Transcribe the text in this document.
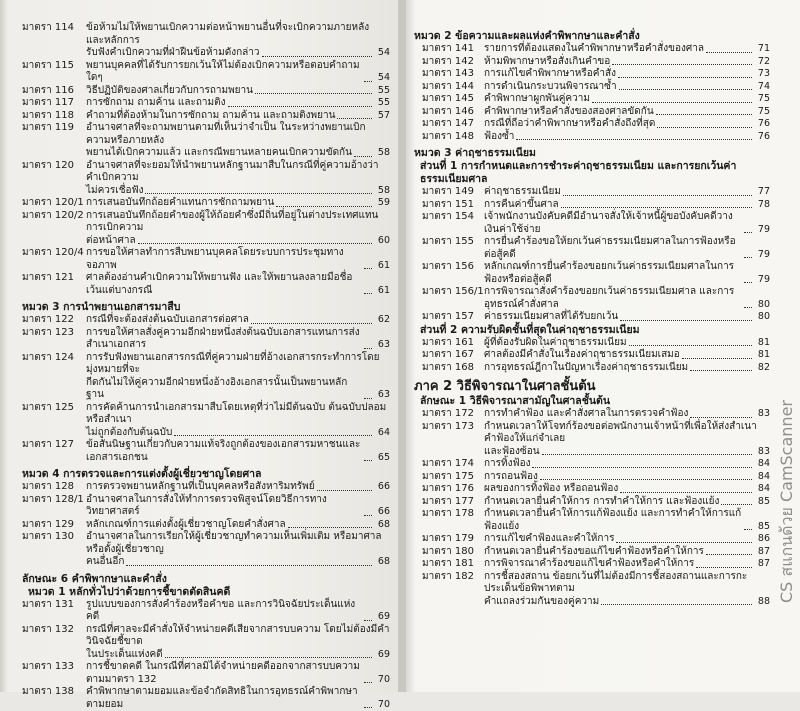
มาตรา 114	ข้อห้ามไม่ให้พยานเบิกความต่อหน้าพยานอื่นที่จะเบิกความภายหลัง และหลักการ
รับฟังคำเบิกความที่ฝ่าฝืนข้อห้ามดังกล่าว	54
มาตรา 115	พยานบุคคลที่ได้รับการยกเว้นให้ไม่ต้องเบิกความหรือตอบคำถามใดๆ	54
มาตรา 116	วิธีปฏิบัติของศาลเกี่ยวกับการถามพยาน	55
มาตรา 117	การซักถาม ถามค้าน และถามติง	55
มาตรา 118	คำถามที่ต้องห้ามในการซักถาม ถามค้าน และถามติงพยาน	57
มาตรา 119	อำนาจศาลที่จะถามพยานตามที่เห็นว่าจำเป็น ในระหว่างพยานเบิกความหรือภายหลัง
พยานได้เบิกความแล้ว และกรณีพยานหลายคนเบิกความขัดกัน	58
มาตรา 120	อำนาจศาลที่จะยอมให้นำพยานหลักฐานมาสืบในกรณีที่คู่ความอ้างว่าคำเบิกความ
ไม่ควรเชื่อฟัง	58
มาตรา 120/1 การเสนอบันทึกถ้อยคำแทนการซักถามพยาน	59
มาตรา 120/2 การเสนอบันทึกถ้อยคำของผู้ให้ถ้อยคำซึ่งมีถิ่นที่อยู่ในต่างประเทศแทนการเบิกความ
ต่อหน้าศาล	60
มาตรา 120/4 การขอให้ศาลทำการสืบพยานบุคคลโดยระบบการประชุมทางจอภาพ	61
มาตรา 121	ศาลต้องอ่านคำเบิกความให้พยานฟัง และให้พยานลงลายมือชื่อ เว้นแต่บางกรณี	61
หมวด 3 การนำพยานเอกสารมาสืบ
มาตรา 122	กรณีที่จะต้องส่งต้นฉบับเอกสารต่อศาล	62
มาตรา 123	การขอให้ศาลสั่งคู่ความอีกฝ่ายหนึ่งส่งต้นฉบับเอกสารแทนการส่งสำเนาเอกสาร	63
มาตรา 124	การรับฟังพยานเอกสารกรณีที่คู่ความฝ่ายที่อ้างเอกสารกระทำการโดยมุ่งหมายที่จะ
กีดกันไม่ให้คู่ความอีกฝ่ายหนึ่งอ้างอิงเอกสารนั้นเป็นพยานหลักฐาน	63
มาตรา 125	การคัดค้านการนำเอกสารมาสืบโดยเหตุที่ว่าไม่มีต้นฉบับ ต้นฉบับปลอม หรือสำเนา
ไม่ถูกต้องกับต้นฉบับ	64
มาตรา 127	ข้อสันนิษฐานเกี่ยวกับความแท้จริงถูกต้องของเอกสารมหาชนและเอกสารเอกชน	65
หมวด 4 การตรวจและการแต่งตั้งผู้เชี่ยวชาญโดยศาล
มาตรา 128	การตรวจพยานหลักฐานที่เป็นบุคคลหรือสังหาริมทรัพย์	66
มาตรา 128/1 อำนาจศาลในการสั่งให้ทำการตรวจพิสูจน์โดยวิธีการทางวิทยาศาสตร์	66
มาตรา 129	หลักเกณฑ์การแต่งตั้งผู้เชี่ยวชาญโดยคำสั่งศาล	68
มาตรา 130	อำนาจศาลในการเรียกให้ผู้เชี่ยวชาญทำความเห็นเพิ่มเติม หรือมาศาล หรือตั้งผู้เชี่ยวชาญ
คนอื่นอีก	68
ลักษณะ 6 คำพิพากษาและคำสั่ง
หมวด 1 หลักทั่วไปว่าด้วยการชี้ขาดตัดสินคดี
มาตรา 131	รูปแบบของการสั่งคำร้องหรือคำขอ และการวินิจฉัยประเด็นแห่งคดี	69
มาตรา 132	กรณีที่ศาลจะมีคำสั่งให้จำหน่ายคดีเสียจากสารบบความ โดยไม่ต้องมีคำวินิจฉัยชี้ขาด
ในประเด็นแห่งคดี	69
มาตรา 133	การชี้ขาดคดี ในกรณีที่ศาลมิได้จำหน่ายคดีออกจากสารบบความตามมาตรา 132	70
มาตรา 138	คำพิพากษาตามยอมและข้อจำกัดสิทธิในการอุทธรณ์คำพิพากษาตามยอม	70
หมวด 2 ข้อความและผลแห่งคำพิพากษาและคำสั่ง
มาตรา 141	รายการที่ต้องแสดงในคำพิพากษาหรือคำสั่งของศาล	71
มาตรา 142	ห้ามพิพากษาหรือสั่งเกินคำขอ	72
มาตรา 143	การแก้ไขคำพิพากษาหรือคำสั่ง	73
มาตรา 144	การดำเนินกระบวนพิจารณาซ้ำ	74
มาตรา 145	คำพิพากษาผูกพันคู่ความ	75
มาตรา 146	คำพิพากษาหรือคำสั่งของสองศาลขัดกัน	75
มาตรา 147	กรณีที่ถือว่าคำพิพากษาหรือคำสั่งถึงที่สุด	76
มาตรา 148	ฟ้องซ้ำ	76
หมวด 3 ค่าฤชาธรรมเนียม
ส่วนที่ 1 การกำหนดและการชำระค่าฤชาธรรมเนียม และการยกเว้นค่าธรรมเนียมศาล
มาตรา 149	ค่าฤชาธรรมเนียม	77
มาตรา 151	การคืนค่าขึ้นศาล	78
มาตรา 154	เจ้าพนักงานบังคับคดีมีอำนาจสั่งให้เจ้าหนี้ผู้ขอบังคับคดีวางเงินค่าใช้จ่าย	79
มาตรา 155	การยื่นคำร้องขอให้ยกเว้นค่าธรรมเนียมศาลในการฟ้องหรือต่อสู้คดี	79
มาตรา 156	หลักเกณฑ์การยื่นคำร้องขอยกเว้นค่าธรรมเนียมศาลในการฟ้องหรือต่อสู้คดี	79
มาตรา 156/1 การพิจารณาสั่งคำร้องขอยกเว้นค่าธรรมเนียมศาล และการอุทธรณ์คำสั่งศาล	80
มาตรา 157	ค่าธรรมเนียมศาลที่ได้รับยกเว้น	80
ส่วนที่ 2 ความรับผิดชั้นที่สุดในค่าฤชาธรรมเนียม
มาตรา 161	ผู้ที่ต้องรับผิดในค่าฤชาธรรมเนียม	81
มาตรา 167	ศาลต้องมีคำสั่งในเรื่องค่าฤชาธรรมเนียมเสมอ	81
มาตรา 168	การอุทธรณ์ฎีกาในปัญหาเรื่องค่าฤชาธรรมเนียม	82
ภาค 2 วิธีพิจารณาในศาลชั้นต้น
ลักษณะ 1 วิธีพิจารณาสามัญในศาลชั้นต้น
มาตรา 172	การทำคำฟ้อง และคำสั่งศาลในการตรวจคำฟ้อง	83
มาตรา 173	กำหนดเวลาให้โจทก์ร้องขอต่อพนักงานเจ้าหน้าที่เพื่อให้ส่งสำเนาคำฟ้องให้แก่จำเลย
และฟ้องซ้อน	83
มาตรา 174	การทิ้งฟ้อง	84
มาตรา 175	การถอนฟ้อง	84
มาตรา 176	ผลของการทิ้งฟ้อง หรือถอนฟ้อง	84
มาตรา 177	กำหนดเวลายื่นคำให้การ การทำคำให้การ และฟ้องแย้ง	85
มาตรา 178	กำหนดเวลายื่นคำให้การแก้ฟ้องแย้ง และการทำคำให้การแก้ฟ้องแย้ง	85
มาตรา 179	การแก้ไขคำฟ้องและคำให้การ	86
มาตรา 180	กำหนดเวลายื่นคำร้องขอแก้ไขคำฟ้องหรือคำให้การ	87
มาตรา 181	การพิจารณาคำร้องขอแก้ไขคำฟ้องหรือคำให้การ	87
มาตรา 182	การชี้สองสถาน ข้อยกเว้นที่ไม่ต้องมีการชี้สองสถานและการกะประเด็นข้อพิพาทตาม
คำแถลงร่วมกันของคู่ความ	88 CS สแกนด้วย CamScanner
